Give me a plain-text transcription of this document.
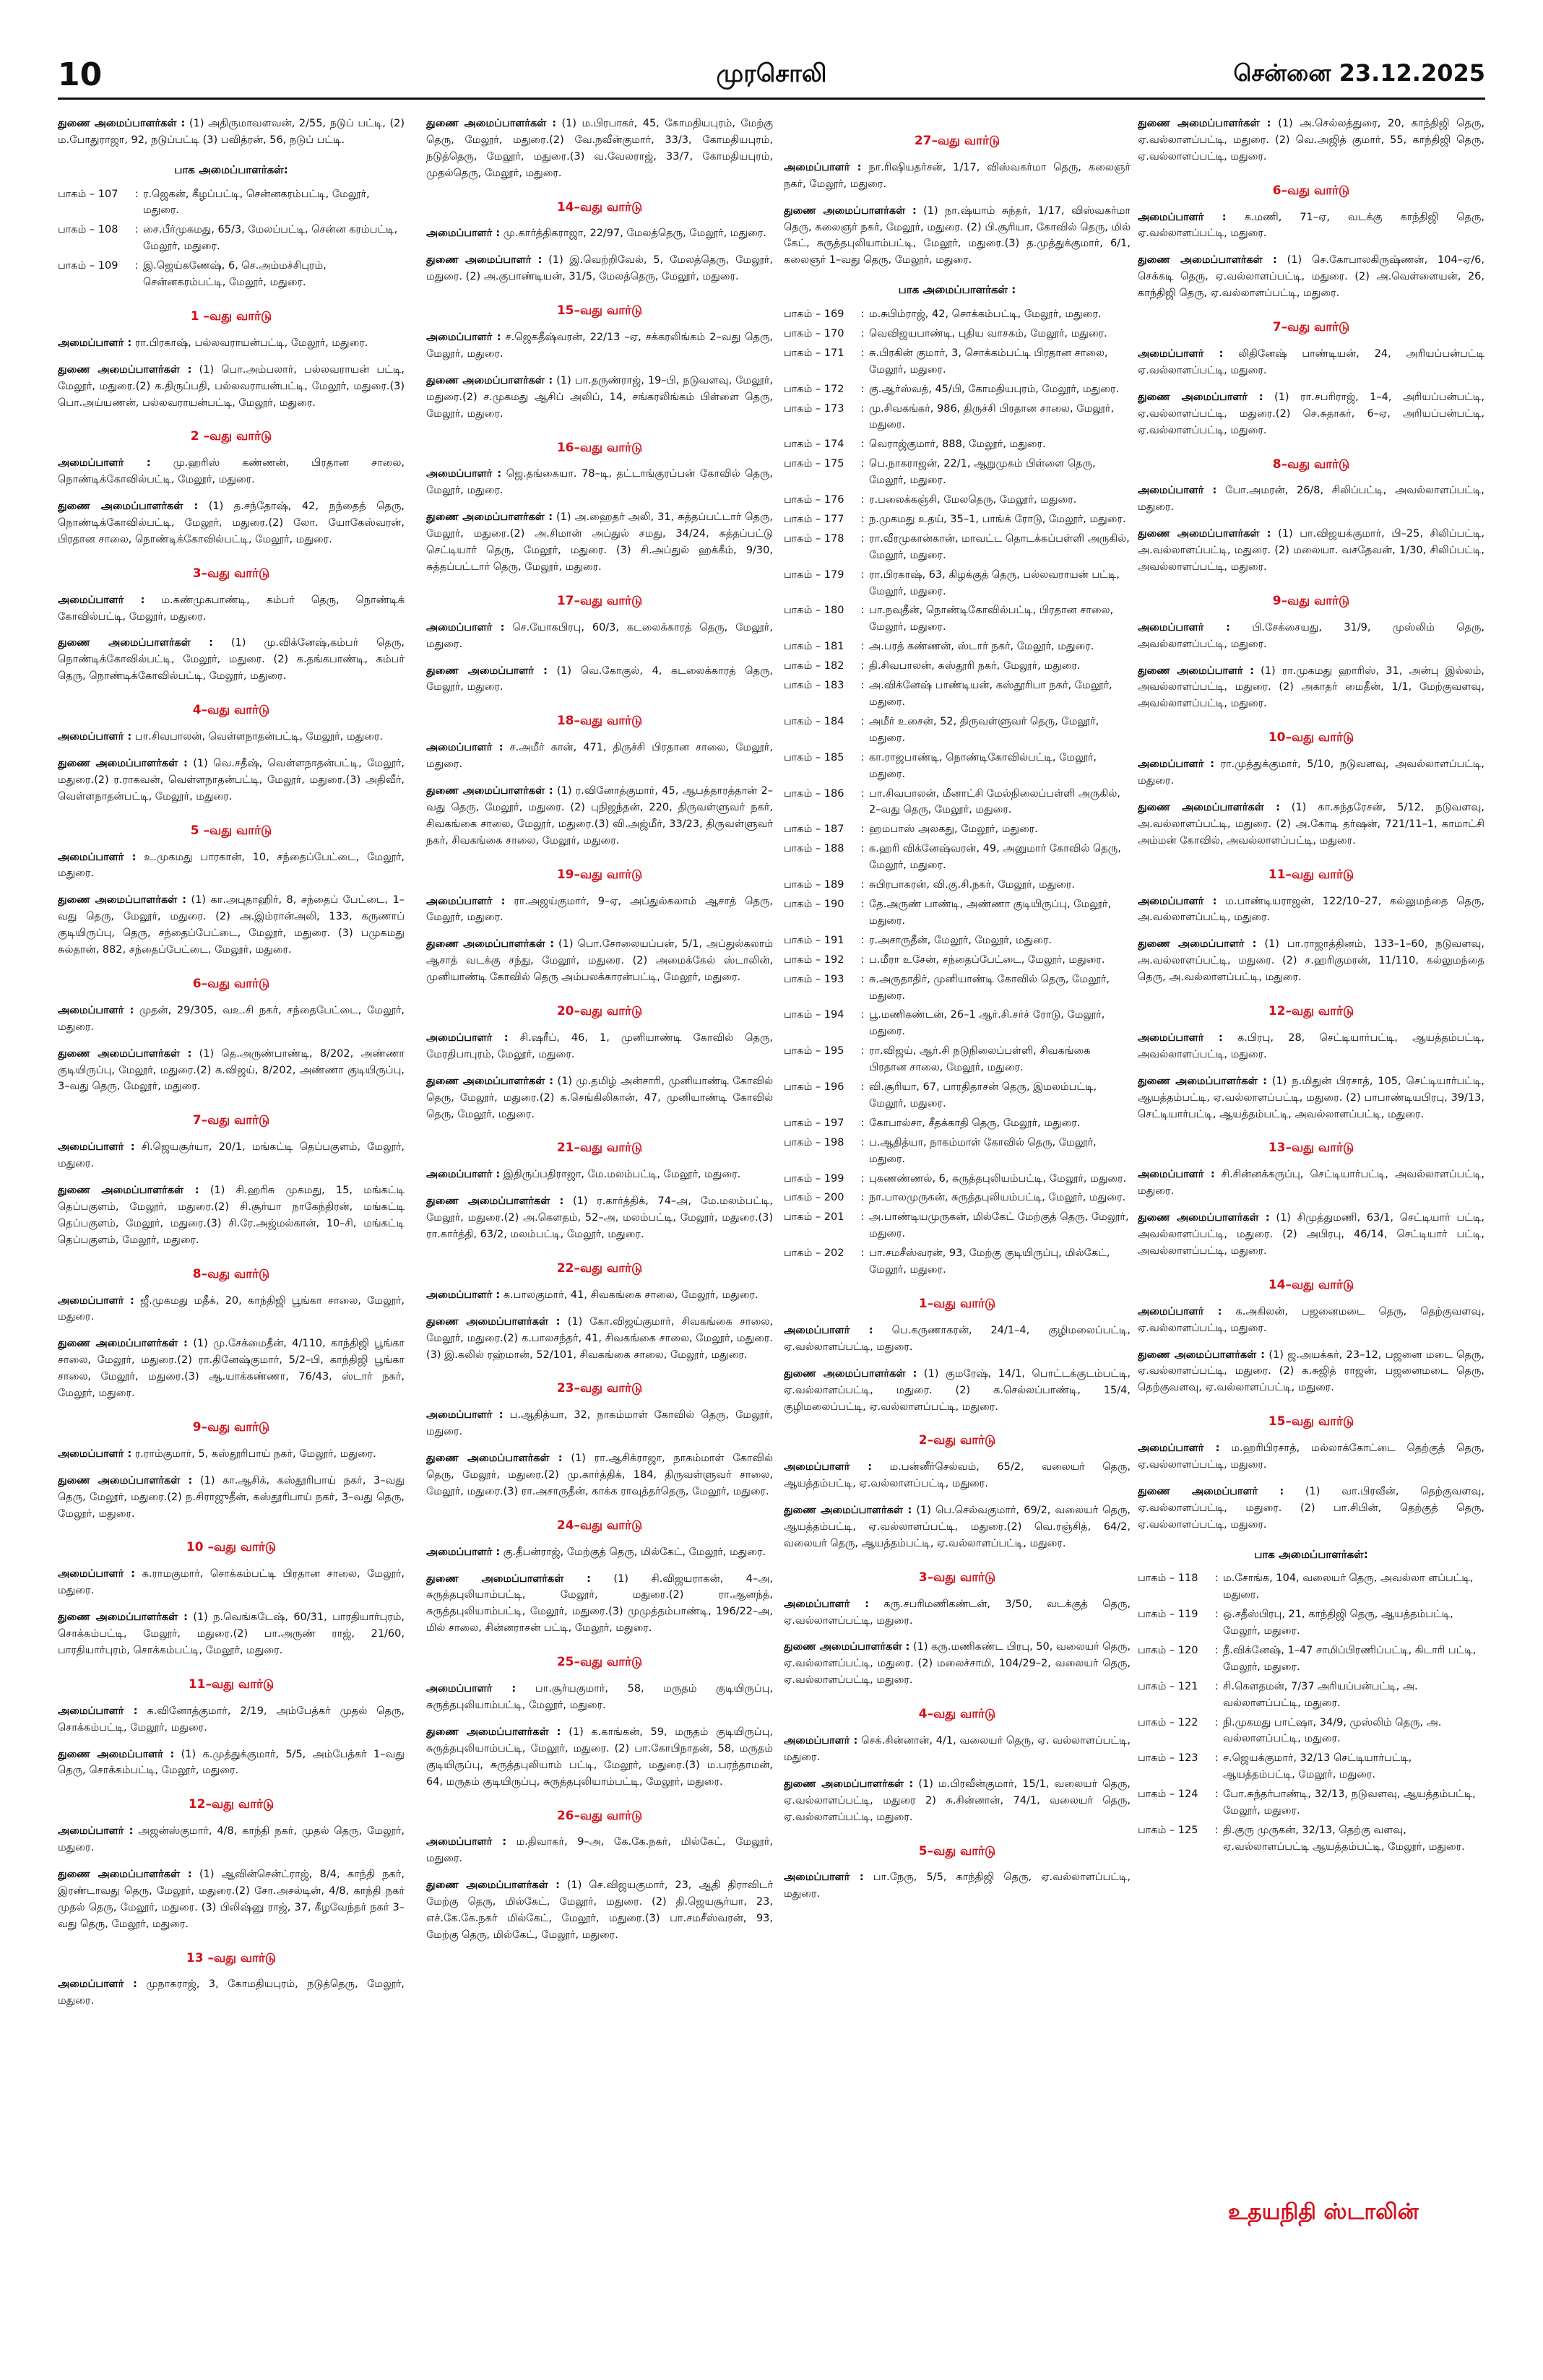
10	முரசொலி	சென்னை 23.12.2025

துணை அமைப்பாளர்கள் : (1) அதிருமாவளவன், 2/55, நடுப் பட்டி, (2) ம.போதுராஜா, 92, நடுப்பட்டி (3) பவித்ரன், 56, நடுப் பட்டி.

பாக அமைப்பாளர்கள்:
பாகம் – 107	: ர.ஜெகன், கீழப்பட்டி, சென்னகரம்பட்டி, மேலூர், மதுரை.
பாகம் – 108	: சை.பீர்முகமது, 65/3, மேலப்பட்டி, சென்ன கரம்பட்டி, மேலூர், மதுரை.
பாகம் – 109	: இ.ஜெய்கணேஷ், 6, செ.அம்மச்சிபுரம், சென்னகரம்பட்டி, மேலூர், மதுரை.
1 –வது வார்டு

அமைப்பாளர் : ரா.பிரகாஷ், பல்லவராயன்பட்டி, மேலூர், மதுரை.

துணை அமைப்பாளர்கள் : (1) பொ.அம்பலார், பல்லவராயன் பட்டி, மேலூர், மதுரை.(2) க.திருப்பதி, பல்லவராயன்பட்டி, மேலூர், மதுரை.(3) பொ.அய்யணன், பல்லவராயன்பட்டி, மேலூர், மதுரை.

2 –வது வார்டு

அமைப்பாளர் : மு.ஹரிஸ் கண்ணன், பிரதான சாலை, நொண்டிக்கோவில்பட்டி, மேலூர், மதுரை.

துணை அமைப்பாளர்கள் : (1) த.சந்தோஷ், 42, நந்தைத் தெரு, நொண்டிக்கோவில்பட்டி, மேலூர், மதுரை.(2) லோ. யோகேஸ்வரன், பிரதான சாலை, நொண்டிக்கோவில்பட்டி, மேலூர், மதுரை.

3–வது வார்டு

அமைப்பாளர் : ம.கண்முகபாண்டி, கம்பர் தெரு, நொண்டிக் கோவில்பட்டி, மேலூர், மதுரை.

துணை அமைப்பாளர்கள் : (1) மு.விக்னேஷ்,கம்பர் தெரு, நொண்டிக்கோவில்பட்டி, மேலூர், மதுரை. (2) க.தங்கபாண்டி, கம்பர் தெரு, நொண்டிக்கோவில்பட்டி, மேலூர், மதுரை.

4–வது வார்டு

அமைப்பாளர் : பா.சிவபாலன், வெள்ளநாதன்பட்டி, மேலூர், மதுரை.

துணை அமைப்பாளர்கள் : (1) வெ.சதீஷ், வெள்ளநாதன்பட்டி, மேலூர், மதுரை.(2) ர.ராகவன், வெள்ளநாதன்பட்டி, மேலூர், மதுரை.(3) அதிவீர், வெள்ளநாதன்பட்டி, மேலூர், மதுரை.

5 –வது வார்டு

அமைப்பாளர் : உ.முகமது பாரகான், 10, சந்தைப்பேட்டை, மேலூர், மதுரை.

துணை அமைப்பாளர்கள் : (1) கா.அபுதாஹிர், 8, சந்தைப் பேட்டை, 1–வது தெரு, மேலூர், மதுரை. (2) அ.இம்ரான்அலி, 133, கருணாப் குடியிருப்பு, தெரு, சந்தைப்பேட்டை, மேலூர், மதுரை. (3) பமுகமது சுல்தான், 882, சந்தைப்பேட்டை, மேலூர், மதுரை.

6–வது வார்டு

அமைப்பாளர் : முதன், 29/305, வஉ.சி நகர், சந்தைபேட்டை, மேலூர், மதுரை.

துணை அமைப்பாளர்கள் : (1) தெ.அருண்பாண்டி, 8/202, அண்ணா குடியிருப்பு, மேலூர், மதுரை.(2) க.விஜய், 8/202, அண்ணா குடியிருப்பு, 3–வது தெரு, மேலூர், மதுரை.

7–வது வார்டு

அமைப்பாளர் : சி.ஜெயசூர்யா, 20/1, மங்கட்டி தெப்பகுளம், மேலூர், மதுரை.

துணை அமைப்பாளர்கள் : (1) சி.ஹரிசு முகமது, 15, மங்கட்டி தெப்பகுளம், மேலூர், மதுரை.(2) சி.சூர்யா நாகேந்திரன், மங்கட்டி தெப்பகுளம், மேலூர், மதுரை.(3) சி.ரே.அஜ்மல்கான், 10–சி, மங்கட்டி தெப்பகுளம், மேலூர், மதுரை.

8–வது வார்டு

அமைப்பாளர் : ஜீ.முகமது மதீக், 20, காந்திஜி பூங்கா சாலை, மேலூர், மதுரை.

துணை அமைப்பாளர்கள் : (1) மு.சேக்மைதீன், 4/110, காந்திஜி பூங்கா சாலை, மேலூர், மதுரை.(2) ரா.தினேஷ்குமார், 5/2–பி, காந்திஜி பூங்கா சாலை, மேலூர், மதுரை.(3) ஆ.யாக்கண்ணா, 76/43, ஸ்டார் நகர், மேலூர், மதுரை.

9–வது வார்டு

அமைப்பாளர் : ர.ராம்குமார், 5, கஸ்தூரிபாய் நகர், மேலூர், மதுரை.

துணை அமைப்பாளர்கள் : (1) கா.ஆசிக், கஸ்தூரிபாய் நகர், 3–வது தெரு, மேலூர், மதுரை.(2) ந.சிராஜுதீன், கஸ்தூரிபாய் நகர், 3–வது தெரு, மேலூர், மதுரை.

10 –வது வார்டு

அமைப்பாளர் : க.ராமகுமார், சொக்கம்பட்டி பிரதான சாலை, மேலூர், மதுரை.

துணை அமைப்பாளர்கள் : (1) ந.வெங்கடேஷ், 60/31, பாரதியார்புரம், சொக்கம்பட்டி, மேலூர், மதுரை.(2) பா.அருண் ராஜ், 21/60, பாரதியார்புரம், சொக்கம்பட்டி, மேலூர், மதுரை.

11–வது வார்டு

அமைப்பாளர் : க.வினோத்குமார், 2/19, அம்பேத்கர் முதல் தெரு, சொக்கம்பட்டி, மேலூர், மதுரை.

துணை அமைப்பாளர் : (1) க.முத்துக்குமார், 5/5, அம்பேத்கர் 1–வது தெரு, சொக்கம்பட்டி, மேலூர், மதுரை.

12–வது வார்டு

அமைப்பாளர் : அஜன்ஸ்குமார், 4/8, காந்தி நகர், முதல் தெரு, மேலூர், மதுரை.

துணை அமைப்பாளர்கள் : (1) ஆவின்சென்ட்ராஜ், 8/4, காந்தி நகர், இரண்டாவது தெரு, மேலூர், மதுரை.(2) சோ.அசல்டின், 4/8, காந்தி நகர் முதல் தெரு, மேலூர், மதுரை. (3) பிலிஷ்னு ராஜ், 37, கீழவேந்தர் நகர் 3–வது தெரு, மேலூர், மதுரை.

13 –வது வார்டு

அமைப்பாளர் : முநாகராஜ், 3, கோமதியபுரம், நடுத்தெரு, மேலூர், மதுரை.

துணை அமைப்பாளர்கள் : (1) ம.பிரபாகர், 45, கோமதியபுரம், மேற்கு தெரு, மேலூர், மதுரை.(2) வே.நவீன்குமார், 33/3, கோமதியபுரம், நடுத்தெரு, மேலூர், மதுரை.(3) வ.வேலராஜ், 33/7, கோமதியபுரம், முதல்தெரு, மேலூர், மதுரை.

14–வது வார்டு

அமைப்பாளர் : மு.கார்த்திகராஜா, 22/97, மேலத்தெரு, மேலூர், மதுரை.

துணை அமைப்பாளர் : (1) இ.வெற்றிவேல், 5, மேலத்தெரு, மேலூர், மதுரை. (2) அ.குபாண்டியன், 31/5, மேலத்தெரு, மேலூர், மதுரை.

15–வது வார்டு

அமைப்பாளர் : ச.ஜெகதீஷ்வரன், 22/13 –ஏ, சக்கரலிங்கம் 2–வது தெரு, மேலூர், மதுரை.

துணை அமைப்பாளர்கள் : (1) பா.தருண்ராஜ், 19–பி, நடுவளவு, மேலூர், மதுரை.(2) ச.முகமது ஆசிப் அலிப், 14, சங்கரலிங்கம் பிள்ளை தெரு, மேலூர், மதுரை.

16–வது வார்டு

அமைப்பாளர் : ஜெ.தங்கையா. 78–டி, தட்டாங்குரப்பன் கோவில் தெரு, மேலூர், மதுரை.

துணை அமைப்பாளர்கள் : (1) அ.ஹைதர் அலி, 31, சுத்தப்பட்டார் தெரு, மேலூர், மதுரை.(2) அ.சிமான் அப்துல் சமது, 34/24, சுத்தப்பட்டு செட்டியார் தெரு, மேலூர், மதுரை. (3) சி.அப்துல் ஹக்கீம், 9/30, சுத்தப்பட்டார் தெரு, மேலூர், மதுரை.

17–வது வார்டு

அமைப்பாளர் : செ.யோகபிரபு, 60/3, கடலைக்காரத் தெரு, மேலூர், மதுரை.

துணை அமைப்பாளர் : (1) வெ.கோகுல், 4, கடலைக்காரத் தெரு, மேலூர், மதுரை.

18–வது வார்டு

அமைப்பாளர் : ச.அமீர் கான், 471, திருச்சி பிரதான சாலை, மேலூர், மதுரை.

துணை அமைப்பாளர்கள் : (1) ர.வினோத்குமார், 45, ஆபத்தாரத்தான் 2–வது தெரு, மேலூர், மதுரை. (2) புநிஜந்தன், 220, திருவள்ளுவர் நகர், சிவகங்கை சாலை, மேலூர், மதுரை.(3) வி.அஜ்மீர், 33/23, திருவள்ளுவர் நகர், சிவகங்கை சாலை, மேலூர், மதுரை.

19–வது வார்டு

அமைப்பாளர் : ரா.அஜய்குமார், 9–ஏ, அப்துல்கலாம் ஆசாத் தெரு, மேலூர், மதுரை.

துணை அமைப்பாளர்கள் : (1) பொ.சோலையப்பன், 5/1, அப்துல்கலாம் ஆசாத் வடக்கு சந்து, மேலூர், மதுரை. (2) அமைக்கேல் ஸ்டாலின், முனியாண்டி கோவில் தெரு அம்பலக்காரன்பட்டி, மேலூர், மதுரை.

20–வது வார்டு

அமைப்பாளர் : சி.ஷரீப், 46, 1, முனியாண்டி கோவில் தெரு, மேரதிபாபுரம், மேலூர், மதுரை.

துணை அமைப்பாளர்கள் : (1) மு.தமிழ் அன்சாரி, முனியாண்டி கோவில் தெரு, மேலூர், மதுரை.(2) க.செங்கிலிகான், 47, முனியாண்டி கோவில் தெரு, மேலூர், மதுரை.

21–வது வார்டு

அமைப்பாளர் : இதிருப்பதிராஜா, மே.மலம்பட்டி, மேலூர், மதுரை.

துணை அமைப்பாளர்கள் : (1) ர.கார்த்திக், 74–அ, மே.மலம்பட்டி, மேலூர், மதுரை.(2) அ.கௌதம், 52–அ, மலம்பட்டி, மேலூர், மதுரை.(3) ரா.கார்த்தி, 63/2, மலம்பட்டி, மேலூர், மதுரை.

22–வது வார்டு

அமைப்பாளர் : க.பாலகுமார், 41, சிவகங்கை சாலை, மேலூர், மதுரை.

துணை அமைப்பாளர்கள் : (1) கோ.விஜய்குமார், சிவகங்கை சாலை, மேலூர், மதுரை.(2) க.பாலசந்தர், 41, சிவகங்கை சாலை, மேலூர், மதுரை.(3) இ.கலில் ரஹ்மான், 52/101, சிவகங்கை சாலை, மேலூர், மதுரை.

23–வது வார்டு

அமைப்பாளர் : ப.ஆதித்யா, 32, நாகம்மாள் கோவில் தெரு, மேலூர், மதுரை.

துணை அமைப்பாளர்கள் : (1) ரா.ஆசிக்ராஜா, நாகம்மாள் கோவில் தெரு, மேலூர், மதுரை.(2) மு.கார்த்திக், 184, திருவள்ளுவர் சாலை, மேலூர், மதுரை.(3) ரா.அசாருதீன், காக்க ராவுத்தர்தெரு, மேலூர், மதுரை.

24–வது வார்டு

அமைப்பாளர் : கு.தீபன்ராஜ், மேற்குத் தெரு, மில்கேட், மேலூர், மதுரை.

துணை அமைப்பாளர்கள் : (1) சி.விஜயராகன், 4–அ, சுருத்தபுலியாம்பட்டி, மேலூர், மதுரை.(2) ரா.ஆனந்த், சுருத்தபுலியாம்பட்டி, மேலூர், மதுரை.(3) முமுத்தம்பாண்டி, 196/22–அ, மில் சாலை, சின்னராசன் பட்டி, மேலூர், மதுரை.

25–வது வார்டு

அமைப்பாளர் : பா.சூர்யகுமார், 58, மருதம் குடியிருப்பு, சுருத்தபுலியாம்பட்டி, மேலூர், மதுரை.

துணை அமைப்பாளர்கள் : (1) க.காங்கன், 59, மருதம் குடியிருப்பு, சுருத்தபுலியாம்பட்டி, மேலூர், மதுரை. (2) பா.கோபிநாதன், 58, மருதம் குடியிருப்பு, சுருத்தபுலியாம் பட்டி, மேலூர், மதுரை.(3) ம.பரந்தாமன், 64, மருதம் குடியிருப்பு, சுருத்தபுலியாம்பட்டி, மேலூர், மதுரை.

26–வது வார்டு

அமைப்பாளர் : ம.திவாகர், 9–அ, கே.கே.நகர், மில்கேட், மேலூர், மதுரை.

துணை அமைப்பாளர்கள் : (1) செ.விஜயகுமார், 23, ஆதி திராவிடர் மேற்கு தெரு, மில்கேட், மேலூர், மதுரை. (2) தி.ஜெயசூர்யா, 23, எச்.கே.கே.நகர் மில்கேட், மேலூர், மதுரை.(3) பா.சமசீஸ்வரன், 93, மேற்கு தெரு, மில்கேட், மேலூர், மதுரை.

27–வது வார்டு

அமைப்பாளர் : நா.ரிஷியதர்சன், 1/17, விஸ்வகர்மா தெரு, கலைஞர் நகர், மேலூர், மதுரை.

துணை அமைப்பாளர்கள் : (1) நா.ஷ்யாம் சுந்தர், 1/17, விஸ்வகர்மா தெரு, கலைஞர் நகர், மேலூர், மதுரை. (2) பி.சூரியா, கோவில் தெரு, மில் கேட், சுருத்தபுலியாம்பட்டி, மேலூர், மதுரை.(3) த.முத்துக்குமார், 6/1, கலைஞர் 1–வது தெரு, மேலூர், மதுரை.

பாக அமைப்பாளர்கள் :
பாகம் – 169	: ம.சுபிம்ராஜ், 42, சொக்கம்பட்டி, மேலூர், மதுரை.
பாகம் – 170	: வெவிஜயபாண்டி, புதிய வாசகம், மேலூர், மதுரை.
பாகம் – 171	: சு.பிரகின் குமார், 3, சொக்கம்பட்டி பிரதான சாலை, மேலூர், மதுரை.
பாகம் – 172	: கு.ஆர்ஸ்வத், 45/பி, கோமதியபுரம், மேலூர், மதுரை.
பாகம் – 173	: மு.சிவகங்கர், 986, திருச்சி பிரதான சாலை, மேலூர், மதுரை.
பாகம் – 174	: வெராஜ்குமார், 888, மேலூர், மதுரை.
பாகம் – 175	: பெ.நாகராஜன், 22/1, ஆறுமுகம் பிள்ளை தெரு, மேலூர், மதுரை.
பாகம் – 176	: ர.பலைக்கஞ்சி, மேலதெரு, மேலூர், மதுரை.
பாகம் – 177	: ந.முகமது உதய், 35–1, பாங்க் ரோடு, மேலூர், மதுரை.
பாகம் – 178	: ரா.வீரமுகான்கான், மாவட்ட தொடக்கப்பள்ளி அருகில், மேலூர், மதுரை.
பாகம் – 179	: ரா.பிரகாஷ், 63, கிழக்குத் தெரு, பல்லவராயன் பட்டி, மேலூர், மதுரை.
பாகம் – 180	: பா.நவுதீன், நொண்டிகோவில்பட்டி, பிரதான சாலை, மேலூர், மதுரை.
பாகம் – 181	: அ.பரத் கண்ணன், ஸ்டார் நகர், மேலூர், மதுரை.
பாகம் – 182	: தி.சிவபாலன், கஸ்தூரி நகர், மேலூர், மதுரை.
பாகம் – 183	: அ.விக்னேஷ் பாண்டியன், கஸ்தூரிபா நகர், மேலூர், மதுரை.
பாகம் – 184	: அமீர் உசைன், 52, திருவள்ளுவர் தெரு, மேலூர், மதுரை.
பாகம் – 185	: கா.ராஜபாண்டி, நொண்டிகோவில்பட்டி, மேலூர், மதுரை.
பாகம் – 186	: பா.சிவபாலன், மீனாட்சி மேல்நிலைப்பள்ளி அருகில், 2–வது தெரு, மேலூர், மதுரை.
பாகம் – 187	: ஹமபாஸ் அலகது, மேலூர், மதுரை.
பாகம் – 188	: க.ஹரி விக்னேஷ்வரன், 49, அனுமார் கோவில் தெரு, மேலூர், மதுரை.
பாகம் – 189	: சுபிரபாகரன், வி.கு.சி.நகர், மேலூர், மதுரை.
பாகம் – 190	: தே.அருண் பாண்டி, அண்ணா குடியிருப்பு, மேலூர், மதுரை.
பாகம் – 191	: ர.அசாருதீன், மேலூர், மேலூர், மதுரை.
பாகம் – 192	: ப.மீரா உசேன், சந்தைப்பேட்டை, மேலூர், மதுரை.
பாகம் – 193	: சு.அருதாதிர், முனியாண்டி கோவில் தெரு, மேலூர், மதுரை.
பாகம் – 194	: பூ.மணிகண்டன், 26–1 ஆர்.சி.சர்ச் ரோடு, மேலூர், மதுரை.
பாகம் – 195	: ரா.விஜய், ஆர்.சி நடுநிலைப்பள்ளி, சிவகங்கை பிரதான சாலை, மேலூர், மதுரை.
பாகம் – 196	: வி.சூரியா, 67, பாரதிதாசன் தெரு, இமலம்பட்டி, மேலூர், மதுரை.
பாகம் – 197	: கோபால்சா, சீதக்காதி தெரு, மேலூர், மதுரை.
பாகம் – 198	: ப.ஆதித்யா, நாகம்மாள் கோவில் தெரு, மேலூர், மதுரை.
பாகம் – 199	: புகணண்ணல், 6, சுருத்தபுலியம்பட்டி, மேலூர், மதுரை.
பாகம் – 200	: நா.பாலமுருகன், சுருத்தபுலியம்பட்டி, மேலூர், மதுரை.
பாகம் – 201	: அ.பாண்டியமுருகன், மில்கேட் மேற்குத் தெரு, மேலூர், மதுரை.
பாகம் – 202	: பா.சமசீஸ்வரன், 93, மேற்கு குடியிருப்பு, மில்கேட், மேலூர், மதுரை.
1–வது வார்டு

அமைப்பாளர் : பெ.கருணாகரன், 24/1–4, குழிமலைப்பட்டி, ஏ.வல்லாளப்பட்டி, மதுரை.

துணை அமைப்பாளர்கள் : (1) குமரேஷ், 14/1, பொட்டக்குடம்பட்டி, ஏ.வல்லாளப்பட்டி, மதுரை. (2) க.செல்லப்பாண்டி, 15/4, குழிமலைப்பட்டி, ஏ.வல்லாளப்பட்டி, மதுரை.

2–வது வார்டு

அமைப்பாளர் : ம.பன்னீர்செல்வம், 65/2, வலையர் தெரு, ஆயத்தம்பட்டி, ஏ.வல்லாளப்பட்டி, மதுரை.

துணை அமைப்பாளர்கள் : (1) பெ.செல்வகுமார், 69/2, வலையர் தெரு, ஆயத்தம்பட்டி, ஏ.வல்லாளப்பட்டி, மதுரை.(2) வெ.ரஞ்சித், 64/2, வலையர் தெரு, ஆயத்தம்பட்டி, ஏ.வல்லாளப்பட்டி, மதுரை.

3–வது வார்டு

அமைப்பாளர் : கரு.சபரிமணிகண்டன், 3/50, வடக்குத் தெரு, ஏ.வல்லாளப்பட்டி, மதுரை.

துணை அமைப்பாளர்கள் : (1) கரு.மணிகண்ட பிரபு, 50, வலையர் தெரு, ஏ.வல்லாளப்பட்டி, மதுரை. (2) மலைச்சாமி, 104/29–2, வலையர் தெரு, ஏ.வல்லாளப்பட்டி, மதுரை.

4–வது வார்டு

அமைப்பாளர் : செக்.சின்னான், 4/1, வலையர் தெரு, ஏ. வல்லாளப்பட்டி, மதுரை.

துணை அமைப்பாளர்கள் : (1) ம.பிரவீன்குமார், 15/1, வலையர் தெரு, ஏ.வல்லாளப்பட்டி, மதுரை 2) சு.சின்னான், 74/1, வலையர் தெரு, ஏ.வல்லாளப்பட்டி, மதுரை.

5–வது வார்டு

அமைப்பாளர் : பா.நேரு, 5/5, காந்திஜி தெரு, ஏ.வல்லாளப்பட்டி, மதுரை.

துணை அமைப்பாளர்கள் : (1) அ.செல்லத்துரை, 20, காந்திஜி தெரு, ஏ.வல்லாளப்பட்டி, மதுரை. (2) வெ.அஜித் குமார், 55, காந்திஜி தெரு, ஏ.வல்லாளப்பட்டி, மதுரை.

6–வது வார்டு

அமைப்பாளர் : க.மணி, 71–ஏ, வடக்கு காந்திஜி தெரு, ஏ.வல்லாளப்பட்டி, மதுரை.

துணை அமைப்பாளர்கள் : (1) செ.கோபாலகிருஷ்ணன், 104–ஏ/6, செக்கடி தெரு, ஏ.வல்லாளப்பட்டி, மதுரை. (2) அ.வெள்ளையன், 26, காந்திஜி தெரு, ஏ.வல்லாளப்பட்டி, மதுரை.

7–வது வார்டு

அமைப்பாளர் : லிதினேஷ் பாண்டியன், 24, அரியப்பன்பட்டி ஏ.வல்லாளப்பட்டி, மதுரை.

துணை அமைப்பாளர் : (1) ரா.சபரிராஜ், 1–4, அரியப்பன்பட்டி, ஏ.வல்லாளப்பட்டி, மதுரை.(2) செ.சுதாகர், 6–ஏ, அரியப்பன்பட்டி, ஏ.வல்லாளப்பட்டி, மதுரை.

8–வது வார்டு

அமைப்பாளர் : போ.அமரன், 26/8, சிலிப்பட்டி, அவல்லாளப்பட்டி, மதுரை.

துணை அமைப்பாளர்கள் : (1) பா.விஜயக்குமார், பி–25, சிலிப்பட்டி, அ.வல்லாளப்பட்டி, மதுரை. (2) மலையா. வசதேவன், 1/30, சிலிப்பட்டி, அவல்லாளப்பட்டி, மதுரை.

9–வது வார்டு

அமைப்பாளர் : பி.சேக்சையது, 31/9, முஸ்லிம் தெரு, அவல்லாளப்பட்டி, மதுரை.

துணை அமைப்பாளர் : (1) ரா.முகமது ஹாரிஸ், 31, அன்பு இல்லம், அவல்லாளப்பட்டி, மதுரை. (2) அகாதர் மைதீன், 1/1, மேற்குவளவு, அவல்லாளப்பட்டி, மதுரை.

10–வது வார்டு

அமைப்பாளர் : ரா.முத்துக்குமார், 5/10, நடுவளவு, அவல்லாளப்பட்டி, மதுரை.

துணை அமைப்பாளர்கள் : (1) கா.சுந்தரேசன், 5/12, நடுவளவு, அ.வல்லாளப்பட்டி, மதுரை. (2) அ.கோடி தர்ஷன், 721/11–1, காமாட்சி அம்மன் கோவில், அவல்லாளப்பட்டி, மதுரை.

11–வது வார்டு

அமைப்பாளர் : ம.பாண்டியராஜன், 122/10–27, கல்லுமந்தை தெரு, அ.வல்லாளப்பட்டி, மதுரை.

துணை அமைப்பாளர் : (1) பா.ராஜாத்தினம், 133–1–60, நடுவளவு, அ.வல்லாளப்பட்டி, மதுரை. (2) ச.ஹரிகுமரன், 11/110, கல்லுமந்தை தெரு, அ.வல்லாளப்பட்டி, மதுரை.

12–வது வார்டு

அமைப்பாளர் : க.பிரபு, 28, செட்டியார்பட்டி, ஆயத்தம்பட்டி, அவல்லாளப்பட்டி, மதுரை.

துணை அமைப்பாளர்கள் : (1) ந.மிதுன் பிரசாத், 105, செட்டியார்பட்டி, ஆயத்தம்பட்டி, ஏ.வல்லாளப்பட்டி, மதுரை. (2) பாபாண்டியபிரபு, 39/13, செட்டியார்பட்டி, ஆயத்தம்பட்டி, அவல்லாளப்பட்டி, மதுரை.

13–வது வார்டு

அமைப்பாளர் : சி.சின்னக்கருப்பு, செட்டியார்பட்டி, அவல்லாளப்பட்டி, மதுரை.

துணை அமைப்பாளர்கள் : (1) சிமுத்துமணி, 63/1, செட்டியார் பட்டி, அவல்லாளப்பட்டி, மதுரை. (2) அபிரபு, 46/14, செட்டியார் பட்டி, அவல்லாளப்பட்டி, மதுரை.

14–வது வார்டு

அமைப்பாளர் : க.அகிலன், பஜனைமடை தெரு, தெற்குவளவு, ஏ.வல்லாளப்பட்டி, மதுரை.

துணை அமைப்பாளர்கள் : (1) ஜ.அயக்கர், 23–12, பஜனை மடை தெரு, ஏ.வல்லாளப்பட்டி, மதுரை. (2) க.சுஜித் ராஜன், பஜனைமடை தெரு, தெற்குவளவு, ஏ.வல்லாளப்பட்டி, மதுரை.

15–வது வார்டு

அமைப்பாளர் : ம.ஹரிபிரசாத், மல்லாக்கோட்டை தெற்குத் தெரு, ஏ.வல்லாளப்பட்டி, மதுரை.

துணை அமைப்பாளர் : (1) வா.பிரவீன், தெற்குவளவு, ஏ.வல்லாளப்பட்டி, மதுரை. (2) பா.சிபின், தெற்குத் தெரு, ஏ.வல்லாளப்பட்டி, மதுரை.

பாக அமைப்பாளர்கள்:
பாகம் – 118	: ம.சோங்க, 104, வலையர் தெரு, அவல்லா ளப்பட்டி, மதுரை.
பாகம் – 119	: ஒ.சதீஸ்பிரபு, 21, காந்திஜி தெரு, ஆயத்தம்பட்டி, மேலூர், மதுரை.
பாகம் – 120	: நீ.விக்னேஷ், 1–47 சாமிப்பிரணிப்பட்டி, கிடாரி பட்டி, மேலூர், மதுரை.
பாகம் – 121	: சி.கௌதமன், 7/37 அரியப்பன்பட்டி, அ. வல்லாளப்பட்டி, மதுரை.
பாகம் – 122	: நி.முகமது பாட்ஷா, 34/9, முஸ்லிம் தெரு, அ. வல்லாளப்பட்டி, மதுரை.
பாகம் – 123	: ச.ஜெயக்குமார், 32/13 செட்டியார்பட்டி, ஆயத்தம்பட்டி, மேலூர், மதுரை.
பாகம் – 124	: போ.சுந்தர்பாண்டி, 32/13, நடுவளவு, ஆயத்தம்பட்டி, மேலூர், மதுரை.
பாகம் – 125	: தி.குரு முருகன், 32/13, தெற்கு வளவு, ஏ.வல்லாளப்பட்டி ஆயத்தம்பட்டி, மேலூர், மதுரை.
உதயநிதி ஸ்டாலின்
